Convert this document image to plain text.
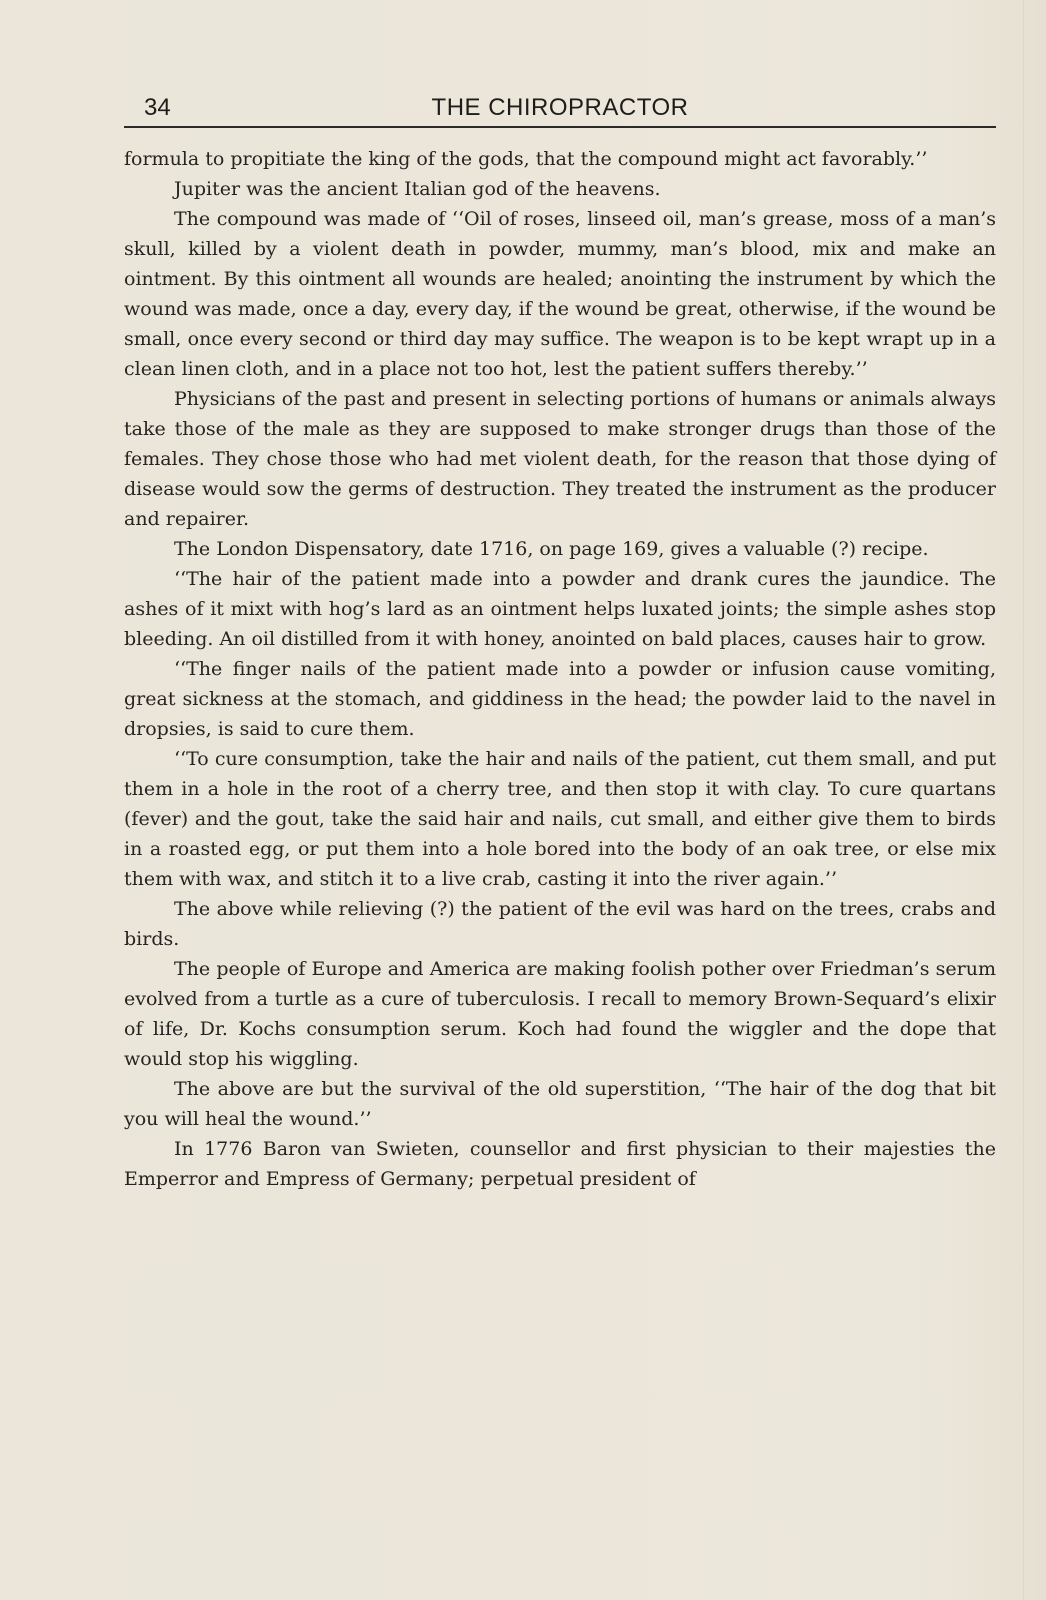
34	THE CHIROPRACTOR

formula to propitiate the king of the gods, that the compound might act favorably.’’

Jupiter was the ancient Italian god of the heavens.

The compound was made of ‘‘Oil of roses, linseed oil, man’s grease, moss of a man’s skull, killed by a violent death in powder, mummy, man’s blood, mix and make an ointment. By this ointment all wounds are healed; anointing the instrument by which the wound was made, once a day, every day, if the wound be great, otherwise, if the wound be small, once every second or third day may suffice. The weapon is to be kept wrapt up in a clean linen cloth, and in a place not too hot, lest the patient suffers thereby.’’

Physicians of the past and present in selecting portions of humans or animals always take those of the male as they are supposed to make stronger drugs than those of the females. They chose those who had met violent death, for the reason that those dying of disease would sow the germs of destruction. They treated the instrument as the producer and repairer.

The London Dispensatory, date 1716, on page 169, gives a valuable (?) recipe.

‘‘The hair of the patient made into a powder and drank cures the jaundice. The ashes of it mixt with hog’s lard as an ointment helps luxated joints; the simple ashes stop bleeding. An oil distilled from it with honey, anointed on bald places, causes hair to grow.

‘‘The finger nails of the patient made into a powder or infusion cause vomiting, great sickness at the stomach, and giddiness in the head; the powder laid to the navel in dropsies, is said to cure them.

‘‘To cure consumption, take the hair and nails of the patient, cut them small, and put them in a hole in the root of a cherry tree, and then stop it with clay. To cure quartans (fever) and the gout, take the said hair and nails, cut small, and either give them to birds in a roasted egg, or put them into a hole bored into the body of an oak tree, or else mix them with wax, and stitch it to a live crab, casting it into the river again.’’

The above while relieving (?) the patient of the evil was hard on the trees, crabs and birds.

The people of Europe and America are making foolish pother over Friedman’s serum evolved from a turtle as a cure of tuberculosis. I recall to memory Brown-Sequard’s elixir of life, Dr. Kochs consumption serum. Koch had found the wiggler and the dope that would stop his wiggling.

The above are but the survival of the old superstition, ‘‘The hair of the dog that bit you will heal the wound.’’

In 1776 Baron van Swieten, counsellor and first physician to their majesties the Emperror and Empress of Germany; perpetual president of
